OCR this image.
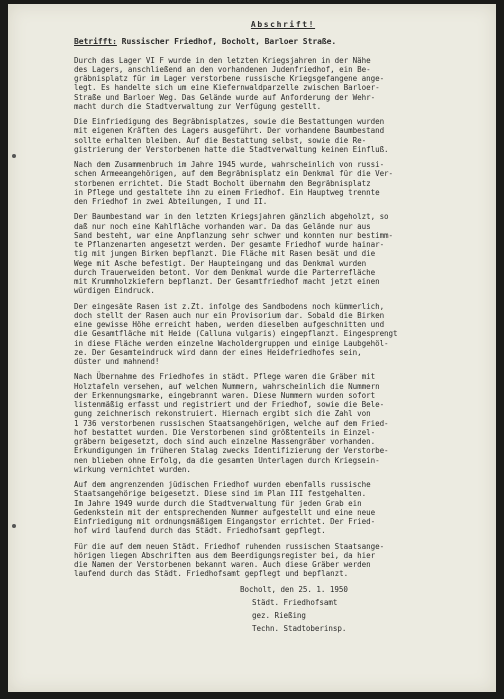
Abschrift!
Betrifft: Russischer Friedhof, Bocholt, Barloer Straße.
Durch das Lager VI F wurde in den letzten Kriegsjahren in der Nähe
des Lagers, anschließend an den vorhandenen Judenfriedhof, ein Be-
gräbnisplatz für im Lager verstorbene russische Kriegsgefangene ange-
legt. Es handelte sich um eine Kiefernwaldparzelle zwischen Barloer-
Straße und Barloer Weg. Das Gelände wurde auf Anforderung der Wehr-
macht durch die Stadtverwaltung zur Verfügung gestellt.
Die Einfriedigung des Begräbnisplatzes, sowie die Bestattungen wurden
mit eigenen Kräften des Lagers ausgeführt. Der vorhandene Baumbestand
sollte erhalten bleiben. Auf die Bestattung selbst, sowie die Re-
gistrierung der Verstorbenen hatte die Stadtverwaltung keinen Einfluß.
Nach dem Zusammenbruch im Jahre 1945 wurde, wahrscheinlich von russi-
schen Armeeangehörigen, auf dem Begräbnisplatz ein Denkmal für die Ver-
storbenen errichtet. Die Stadt Bocholt übernahm den Begräbnisplatz
in Pflege und gestaltete ihn zu einem Friedhof. Ein Hauptweg trennte
den Friedhof in zwei Abteilungen, I und II.
Der Baumbestand war in den letzten Kriegsjahren gänzlich abgeholzt, so
daß nur noch eine Kahlfläche vorhanden war. Da das Gelände nur aus
Sand besteht, war eine Anpflanzung sehr schwer und konnten nur bestimm-
te Pflanzenarten angesetzt werden. Der gesamte Friedhof wurde hainar-
tig mit jungen Birken bepflanzt. Die Fläche mit Rasen besät und die
Wege mit Asche befestigt. Der Haupteingang und das Denkmal wurden
durch Trauerweiden betont. Vor dem Denkmal wurde die Parterrefläche
mit Krummholzkiefern bepflanzt. Der Gesamtfriedhof macht jetzt einen
würdigen Eindruck.
Der eingesäte Rasen ist z.Zt. infolge des Sandbodens noch kümmerlich,
doch stellt der Rasen auch nur ein Provisorium dar. Sobald die Birken
eine gewisse Höhe erreicht haben, werden dieselben aufgeschnitten und
die Gesamtfläche mit Heide (Calluna vulgaris) eingepflanzt. Eingesprengt
in diese Fläche werden einzelne Wacholdergruppen und einige Laubgehöl-
ze. Der Gesamteindruck wird dann der eines Heidefriedhofes sein,
düster und mahnend!
Nach Übernahme des Friedhofes in städt. Pflege waren die Gräber mit
Holztafeln versehen, auf welchen Nummern, wahrscheinlich die Nummern
der Erkennungsmarke, eingebrannt waren. Diese Nummern wurden sofort
listenmäßig erfasst und registriert und der Friedhof, sowie die Bele-
gung zeichnerisch rekonstruiert. Hiernach ergibt sich die Zahl von
1 736 verstorbenen russischen Staatsangehörigen, welche auf dem Fried-
hof bestattet wurden. Die Verstorbenen sind größtenteils in Einzel-
gräbern beigesetzt, doch sind auch einzelne Massengräber vorhanden.
Erkundigungen im früheren Stalag zwecks Identifizierung der Verstorbe-
nen blieben ohne Erfolg, da die gesamten Unterlagen durch Kriegsein-
wirkung vernichtet wurden.
Auf dem angrenzenden jüdischen Friedhof wurden ebenfalls russische
Staatsangehörige beigesetzt. Diese sind im Plan III festgehalten.
Im Jahre 1949 wurde durch die Stadtverwaltung für jeden Grab ein
Gedenkstein mit der entsprechenden Nummer aufgestellt und eine neue
Einfriedigung mit ordnungsmäßigem Eingangstor errichtet. Der Fried-
hof wird laufend durch das Städt. Friedhofsamt gepflegt.
Für die auf dem neuen Städt. Friedhof ruhenden russischen Staatsange-
hörigen liegen Abschriften aus dem Beerdigungsregister bei, da hier
die Namen der Verstorbenen bekannt waren. Auch diese Gräber werden
laufend durch das Städt. Friedhofsamt gepflegt und bepflanzt.
Bocholt, den 25. 1. 1950
Städt. Friedhofsamt
gez. Rießing
Techn. Stadtoberinsp.
